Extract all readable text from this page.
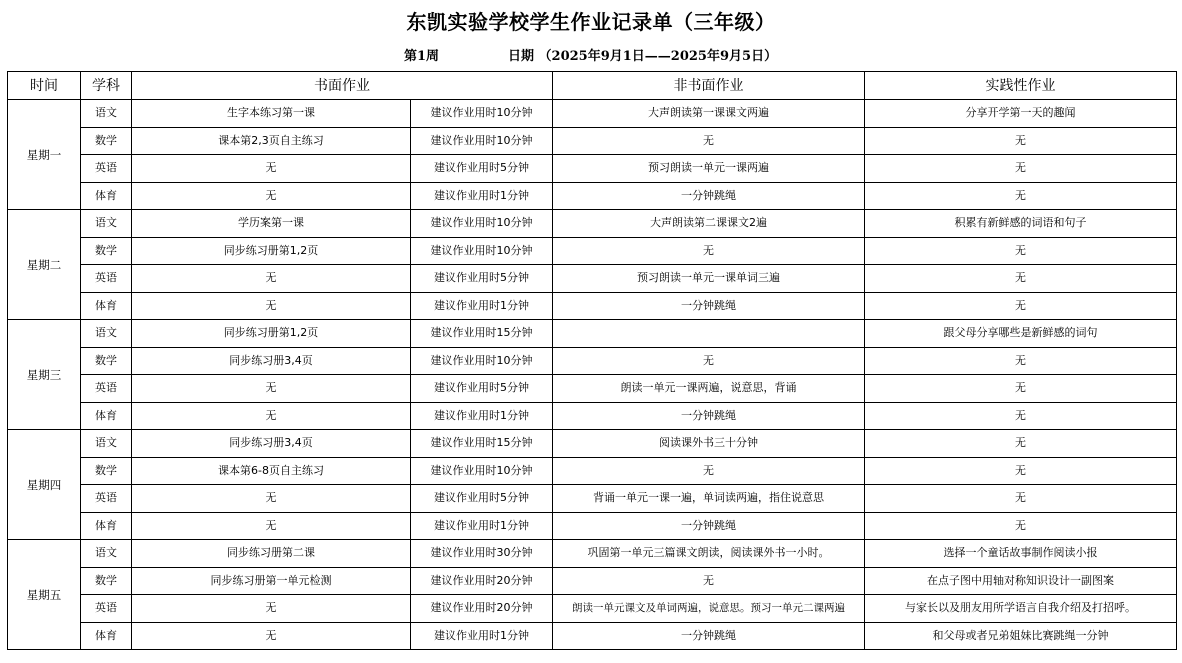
东凯实验学校学生作业记录单（三年级）
第1周	日期 （2025年9月1日——2025年9月5日）
时间	学科	书面作业		非书面作业	实践性作业
星期一	语文	生字本练习第一课	建议作业用时10分钟	大声朗读第一课课文两遍	分享开学第一天的趣闻
	数学	课本第2,3页自主练习	建议作业用时10分钟	无	无
	英语	无	建议作业用时5分钟	预习朗读一单元一课两遍	无
	体育	无	建议作业用时1分钟	一分钟跳绳	无
星期二	语文	学历案第一课	建议作业用时10分钟	大声朗读第二课课文2遍	积累有新鲜感的词语和句子
	数学	同步练习册第1,2页	建议作业用时10分钟	无	无
	英语	无	建议作业用时5分钟	预习朗读一单元一课单词三遍	无
	体育	无	建议作业用时1分钟	一分钟跳绳	无
星期三	语文	同步练习册第1,2页	建议作业用时15分钟		跟父母分享哪些是新鲜感的词句
	数学	同步练习册3,4页	建议作业用时10分钟	无	无
	英语	无	建议作业用时5分钟	朗读一单元一课两遍，说意思，背诵	无
	体育	无	建议作业用时1分钟	一分钟跳绳	无
星期四	语文	同步练习册3,4页	建议作业用时15分钟	阅读课外书三十分钟	无
	数学	课本第6-8页自主练习	建议作业用时10分钟	无	无
	英语	无	建议作业用时5分钟	背诵一单元一课一遍，单词读两遍，指住说意思	无
	体育	无	建议作业用时1分钟	一分钟跳绳	无
星期五	语文	同步练习册第二课	建议作业用时30分钟	巩固第一单元三篇课文朗读，阅读课外书一小时。	选择一个童话故事制作阅读小报
	数学	同步练习册第一单元检测	建议作业用时20分钟	无	在点子图中用轴对称知识设计一副图案
	英语	无	建议作业用时20分钟	朗读一单元课文及单词两遍，说意思。预习一单元二课两遍	与家长以及朋友用所学语言自我介绍及打招呼。
	体育	无	建议作业用时1分钟	一分钟跳绳	和父母或者兄弟姐妹比赛跳绳一分钟
